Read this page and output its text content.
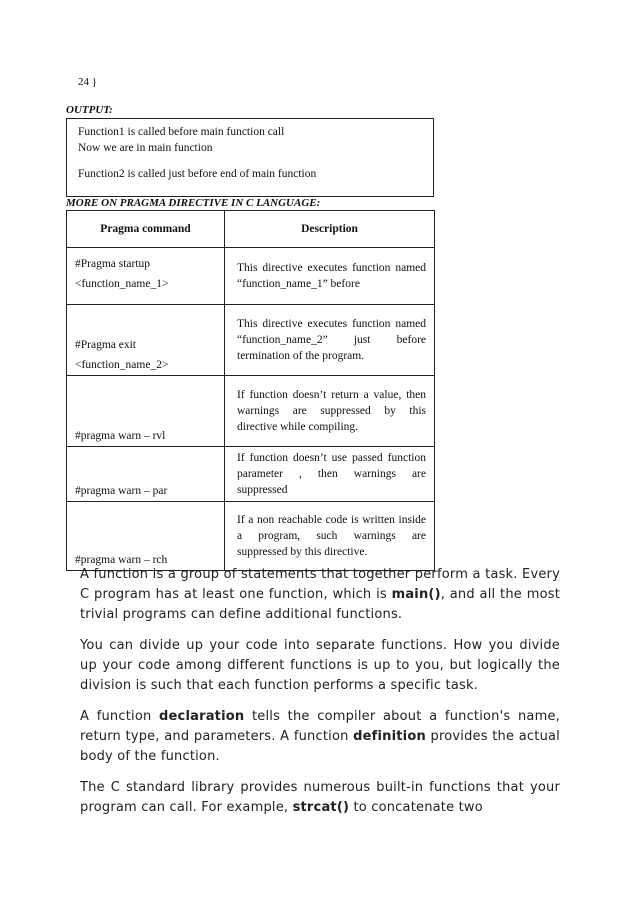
24 }
OUTPUT:
Function1 is called before main function call
Now we are in main function
Function2 is called just before end of main function
MORE ON PRAGMA DIRECTIVE IN C LANGUAGE:
Pragma command	Description

#Pragma startup
<function_name_1>	This directive executes function named “function_name_1” before

#Pragma exit
<function_name_2>	This directive executes function named “function_name_2” just before termination of the program.

#pragma warn – rvl	If function doesn’t return a value, then warnings are suppressed by this directive while compiling.

#pragma warn – par	If function doesn’t use passed function parameter , then warnings are suppressed

#pragma warn – rch	If a non reachable code is written inside a program, such warnings are suppressed by this directive.

A function is a group of statements that together perform a task. Every C program has at least one function, which is main(), and all the most trivial programs can define additional functions.

You can divide up your code into separate functions. How you divide up your code among different functions is up to you, but logically the division is such that each function performs a specific task.

A function declaration tells the compiler about a function's name, return type, and parameters. A function definition provides the actual body of the function.

The C standard library provides numerous built-in functions that your program can call. For example, strcat() to concatenate two
